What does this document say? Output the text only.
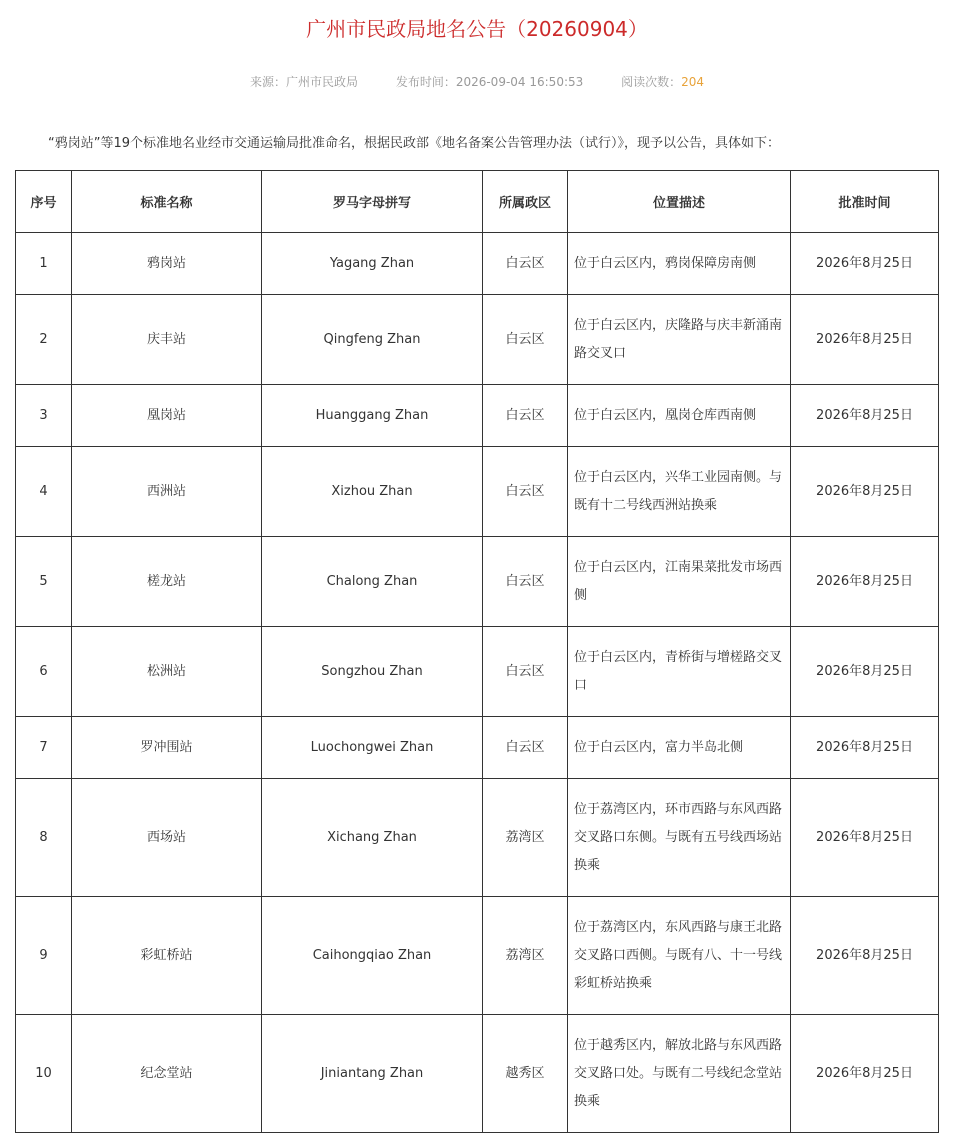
广州市民政局地名公告（20260904）
来源：广州市民政局	发布时间：2026-09-04 16:50:53	阅读次数：204
“鸦岗站”等19个标准地名业经市交通运输局批准命名，根据民政部《地名备案公告管理办法（试行）》，现予以公告，具体如下：
序号	标准名称	罗马字母拼写	所属政区	位置描述	批准时间
1	鸦岗站	Yagang Zhan	白云区	位于白云区内，鸦岗保障房南侧	2026年8月25日
2	庆丰站	Qingfeng Zhan	白云区	位于白云区内，庆隆路与庆丰新涌南路交叉口	2026年8月25日
3	凰岗站	Huanggang Zhan	白云区	位于白云区内，凰岗仓库西南侧	2026年8月25日
4	西洲站	Xizhou Zhan	白云区	位于白云区内，兴华工业园南侧。与既有十二号线西洲站换乘	2026年8月25日
5	槎龙站	Chalong Zhan	白云区	位于白云区内，江南果菜批发市场西侧	2026年8月25日
6	松洲站	Songzhou Zhan	白云区	位于白云区内，青桥街与增槎路交叉口	2026年8月25日
7	罗冲围站	Luochongwei Zhan	白云区	位于白云区内，富力半岛北侧	2026年8月25日
8	西场站	Xichang Zhan	荔湾区	位于荔湾区内，环市西路与东风西路交叉路口东侧。与既有五号线西场站换乘	2026年8月25日
9	彩虹桥站	Caihongqiao Zhan	荔湾区	位于荔湾区内，东风西路与康王北路交叉路口西侧。与既有八、十一号线彩虹桥站换乘	2026年8月25日
10	纪念堂站	Jiniantang Zhan	越秀区	位于越秀区内，解放北路与东风西路交叉路口处。与既有二号线纪念堂站换乘	2026年8月25日
